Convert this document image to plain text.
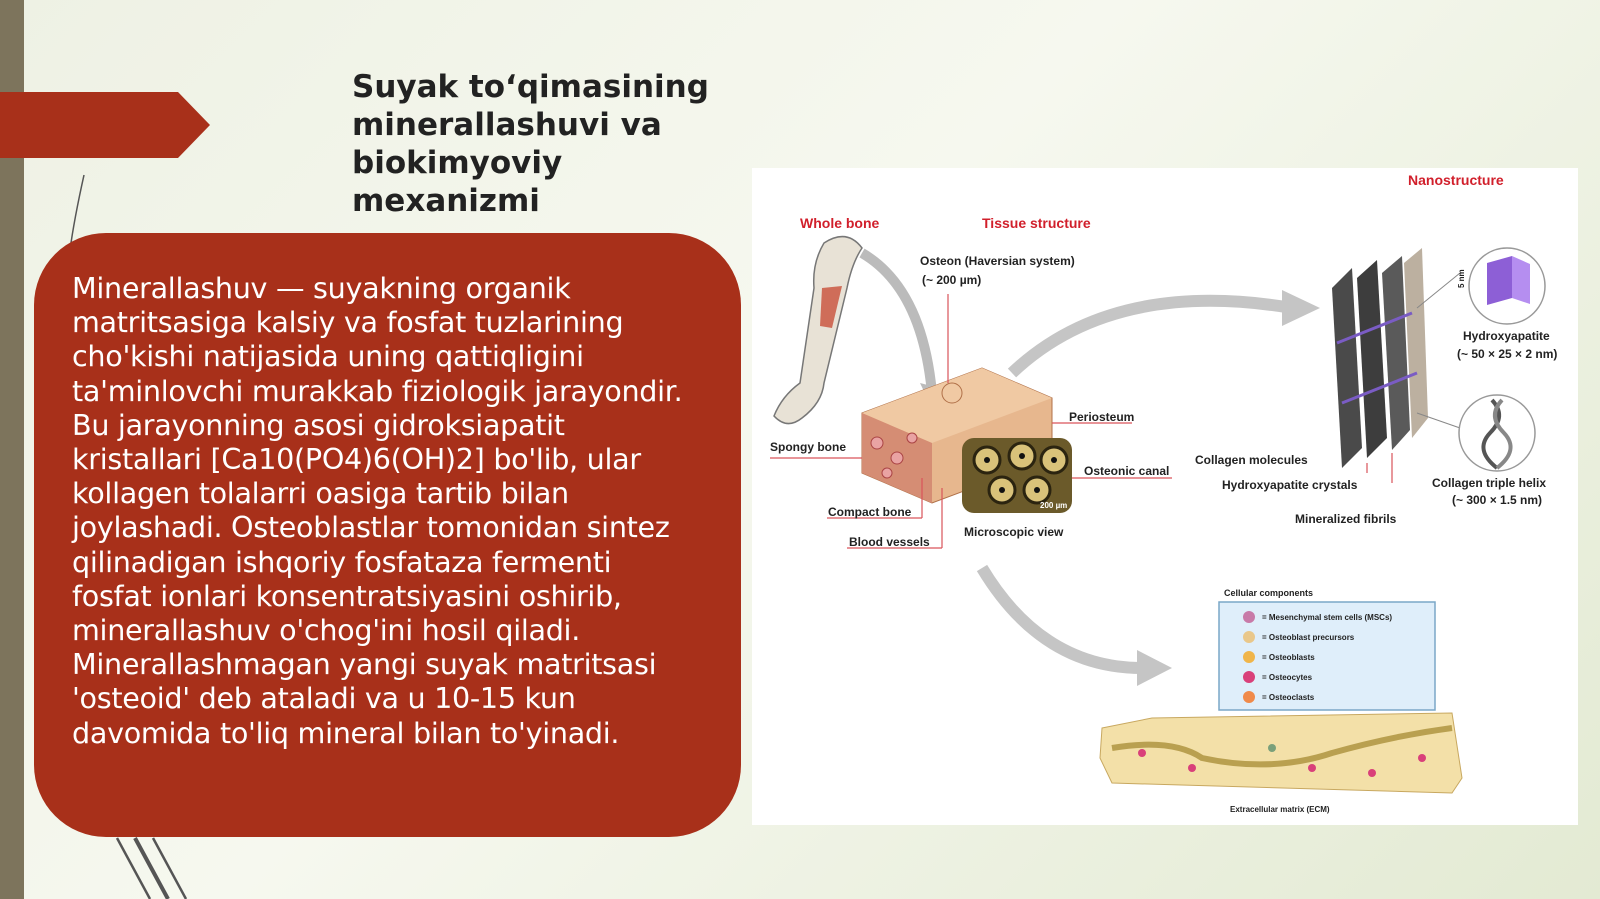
Suyak to‘qimasining minerallashuvi va biokimyoviy mexanizmi

Minerallashuv — suyakning organik matritsasiga kalsiy va fosfat tuzlarining cho'kishi natijasida uning qattiqligini ta'minlovchi murakkab fiziologik jarayondir. Bu jarayonning asosi gidroksiapatit kristallari [Ca10(PO4)6(OH)2] bo'lib, ular kollagen tolalarri oasiga tartib bilan joylashadi. Osteoblastlar tomonidan sintez qilinadigan ishqoriy fosfataza fermenti fosfat ionlari konsentratsiyasini oshirib, minerallashuv o'chog'ini hosil qiladi. Minerallashmagan yangi suyak matritsasi 'osteoid' deb ataladi va u 10-15 kun davomida to'liq mineral bilan to'yinadi.

Nanostructure
Whole bone	Tissue structure
200 µm
Osteon (Haversian system)
(~ 200 µm)
Spongy bone
Periosteum
Osteonic canal
Compact bone
Microscopic view
Blood vessels
5 nm
Hydroxyapatite
(~ 50 × 25 × 2 nm)
Collagen molecules
Hydroxyapatite crystals	Collagen triple helix
(~ 300 × 1.5 nm)
Mineralized fibrils
Cellular components
= Mesenchymal stem cells (MSCs)
= Osteoblast precursors
= Osteoblasts
= Osteocytes
= Osteoclasts
Extracellular matrix (ECM)
